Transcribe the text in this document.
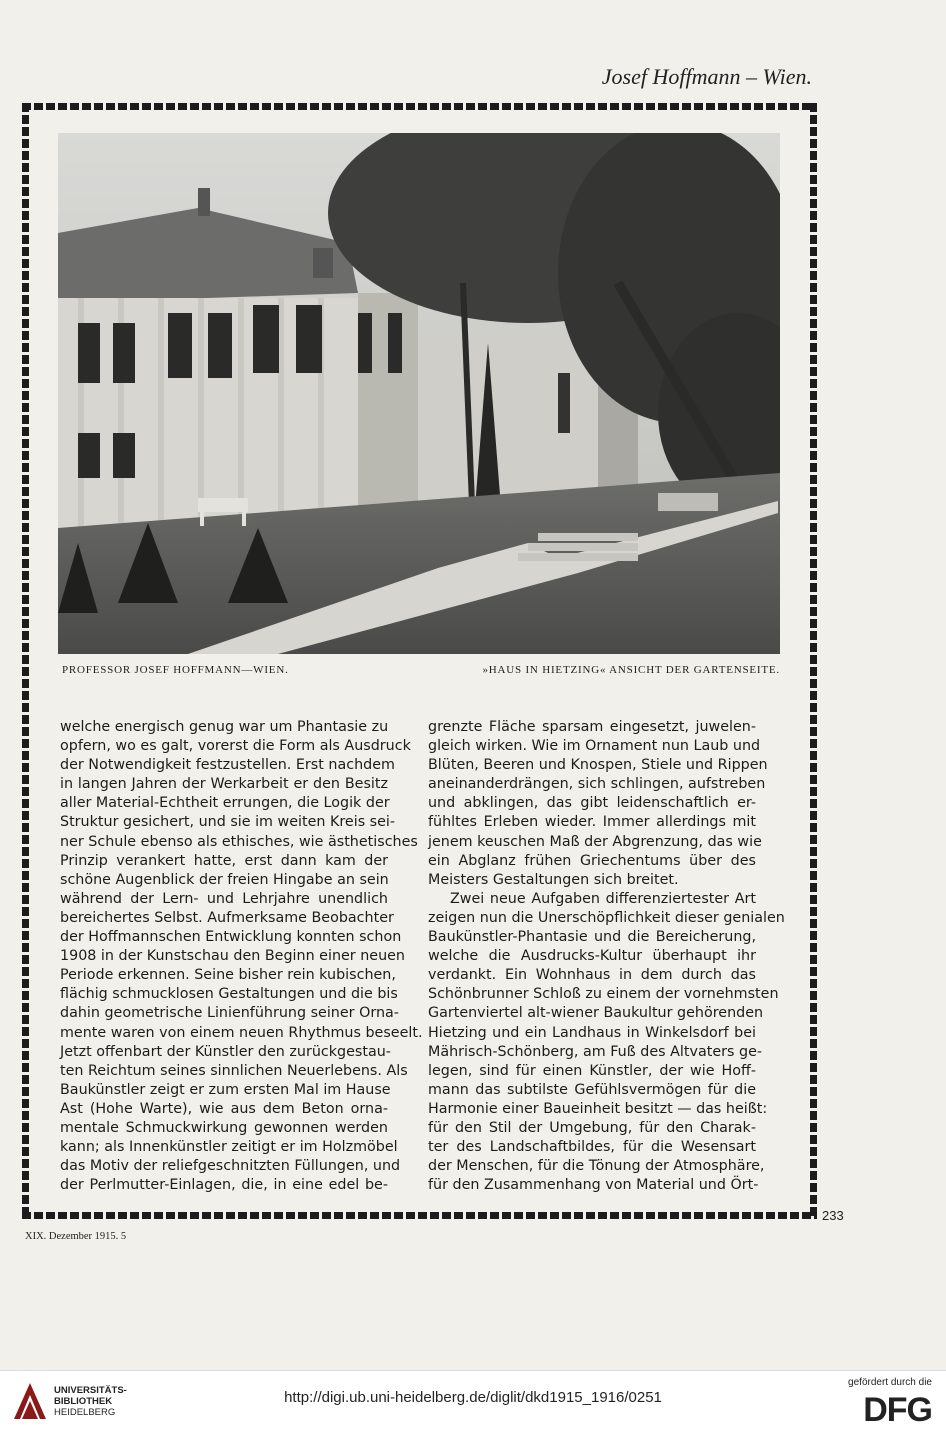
Josef Hoffmann – Wien.
PROFESSOR JOSEF HOFFMANN—WIEN.	»HAUS IN HIETZING« ANSICHT DER GARTENSEITE.
welche energisch genug war um Phantasie zu
opfern, wo es galt, vorerst die Form als Ausdruck
der Notwendigkeit festzustellen. Erst nachdem
in langen Jahren der Werkarbeit er den Besitz
aller Material-Echtheit errungen, die Logik der
Struktur gesichert, und sie im weiten Kreis sei-
ner Schule ebenso als ethisches, wie ästhetisches
Prinzip verankert hatte, erst dann kam der
schöne Augenblick der freien Hingabe an sein
während der Lern- und Lehrjahre unendlich
bereichertes Selbst. Aufmerksame Beobachter
der Hoffmannschen Entwicklung konnten schon
1908 in der Kunstschau den Beginn einer neuen
Periode erkennen. Seine bisher rein kubischen,
flächig schmucklosen Gestaltungen und die bis
dahin geometrische Linienführung seiner Orna-
mente waren von einem neuen Rhythmus beseelt.
Jetzt offenbart der Künstler den zurückgestau-
ten Reichtum seines sinnlichen Neuerlebens. Als
Baukünstler zeigt er zum ersten Mal im Hause
Ast (Hohe Warte), wie aus dem Beton orna-
mentale Schmuckwirkung gewonnen werden
kann; als Innenkünstler zeitigt er im Holzmöbel
das Motiv der reliefgeschnitzten Füllungen, und
der Perlmutter-Einlagen, die, in eine edel be-
grenzte Fläche sparsam eingesetzt, juwelen-
gleich wirken. Wie im Ornament nun Laub und
Blüten, Beeren und Knospen, Stiele und Rippen
aneinanderdrängen, sich schlingen, aufstreben
und abklingen, das gibt leidenschaftlich er-
fühltes Erleben wieder. Immer allerdings mit
jenem keuschen Maß der Abgrenzung, das wie
ein Abglanz frühen Griechentums über des
Meisters Gestaltungen sich breitet.
Zwei neue Aufgaben differenziertester Art
zeigen nun die Unerschöpflichkeit dieser genialen
Baukünstler-Phantasie und die Bereicherung,
welche die Ausdrucks-Kultur überhaupt ihr
verdankt. Ein Wohnhaus in dem durch das
Schönbrunner Schloß zu einem der vornehmsten
Gartenviertel alt-wiener Baukultur gehörenden
Hietzing und ein Landhaus in Winkelsdorf bei
Mährisch-Schönberg, am Fuß des Altvaters ge-
legen, sind für einen Künstler, der wie Hoff-
mann das subtilste Gefühlsvermögen für die
Harmonie einer Baueinheit besitzt — das heißt:
für den Stil der Umgebung, für den Charak-
ter des Landschaftbildes, für die Wesensart
der Menschen, für die Tönung der Atmosphäre,
für den Zusammenhang von Material und Ört-
233
XIX. Dezember 1915. 5
UNIVERSITÄTS-
BIBLIOTHEK
HEIDELBERG
http://digi.ub.uni-heidelberg.de/diglit/dkd1915_1916/0251
gefördert durch die
DFG
